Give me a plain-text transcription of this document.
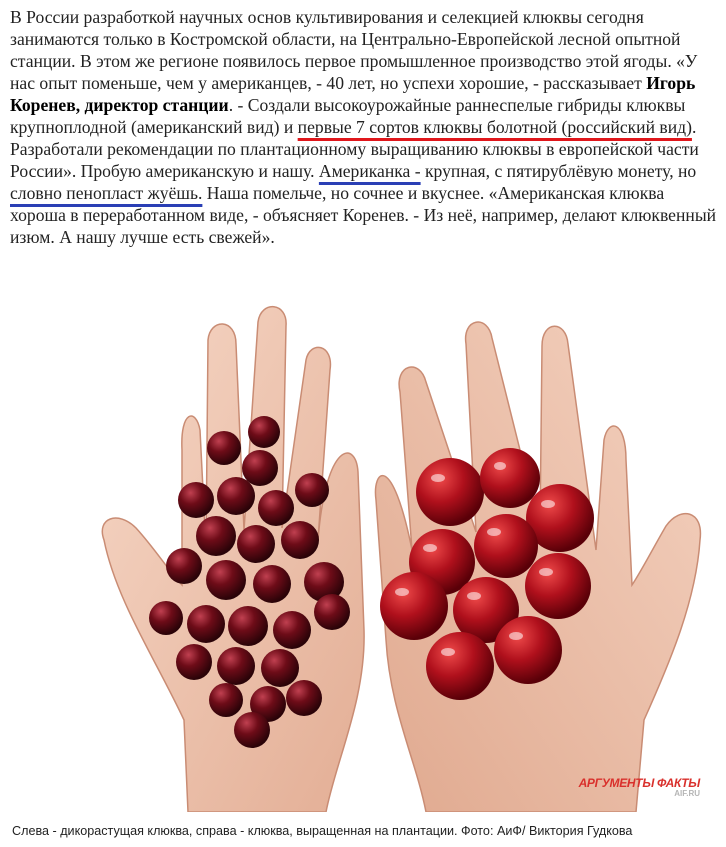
В России разработкой научных основ культивирования и селекцией клюквы сегодня занимаются только в Костромской области, на Центрально-Европейской лесной опытной станции. В этом же регионе появилось первое промышленное производство этой ягоды. «У нас опыт поменьше, чем у американцев, - 40 лет, но успехи хорошие, - рассказывает Игорь Коренев, директор станции. - Создали высокоурожайные раннеспелые гибриды клюквы крупноплодной (американский вид) и первые 7 сортов клюквы болотной (российский вид). Разработали рекомендации по плантационному выращиванию клюквы в европейской части России». Пробую американскую и нашу. Американка - крупная, с пятирублёвую монету, но словно пенопласт жуёшь. Наша помельче, но сочнее и вкуснее. «Американская клюква хороша в переработанном виде, - объясняет Коренев. - Из неё, например, делают клюквенный изюм. А нашу лучше есть свежей».

АРГУМЕНТЫ ФАКТЫ
AIF.RU
Слева - дикорастущая клюква, справа - клюква, выращенная на плантации. Фото: АиФ/ Виктория Гудкова
